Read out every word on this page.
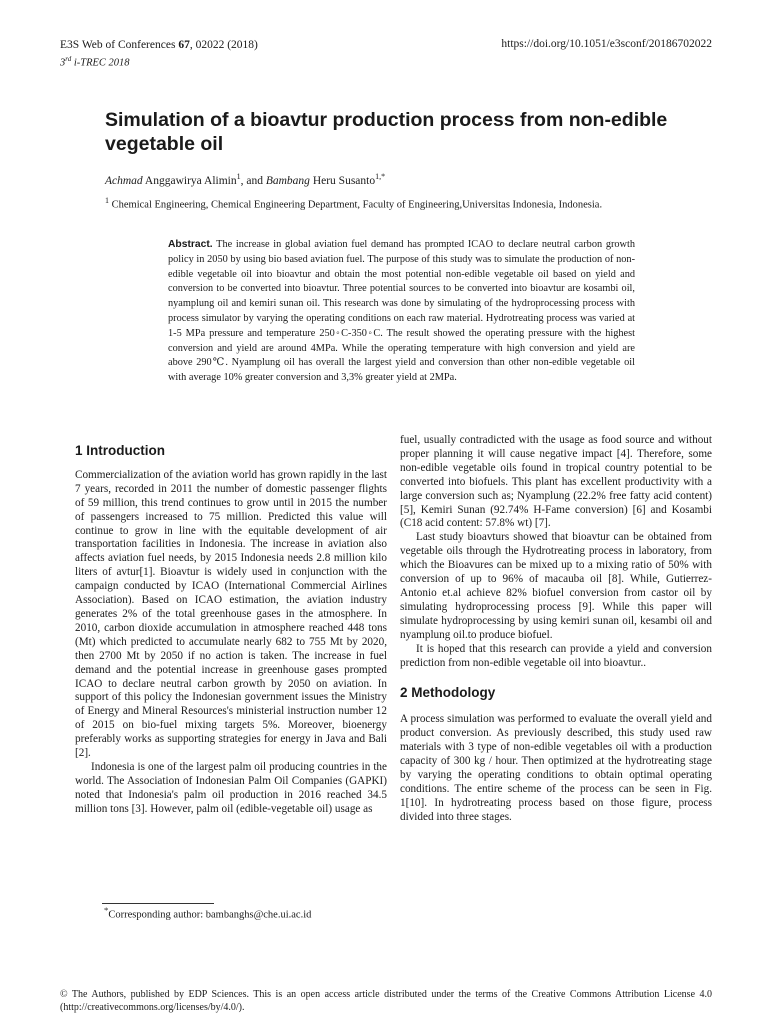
E3S Web of Conferences 67, 02022 (2018)
3rd i-TREC 2018
https://doi.org/10.1051/e3sconf/20186702022
Simulation of a bioavtur production process from non-edible vegetable oil
Achmad Anggawirya Alimin$^1$, and Bambang Heru Susanto$^{1,*}$
$^1$ Chemical Engineering, Chemical Engineering Department, Faculty of Engineering,Universitas Indonesia, Indonesia.

Abstract. The increase in global aviation fuel demand has prompted ICAO to declare neutral carbon growth policy in 2050 by using bio based aviation fuel. The purpose of this study was to simulate the production of non-edible vegetable oil into bioavtur and obtain the most potential non-edible vegetable oil based on yield and conversion to be converted into bioavtur. Three potential sources to be converted into bioavtur are kosambi oil, nyamplung oil and kemiri sunan oil. This research was done by simulating of the hydroprocessing process with process simulator by varying the operating conditions on each raw material. Hydrotreating process was varied at 1-5 MPa pressure and temperature 250◦C-350◦C. The result showed the operating pressure with the highest conversion and yield are around 4MPa. While the operating temperature with high conversion and yield are above 290℃. Nyamplung oil has overall the largest yield and conversion than other non-edible vegetable oil with average 10% greater conversion and 3,3% greater yield at 2MPa.

1 Introduction

Commercialization of the aviation world has grown rapidly in the last 7 years, recorded in 2011 the number of domestic passenger flights of 59 million, this trend continues to grow until in 2015 the number of passengers increased to 75 million. Predicted this value will continue to grow in line with the equitable development of air transportation facilities in Indonesia. The increase in aviation also affects aviation fuel needs, by 2015 Indonesia needs 2.8 million kilo liters of avtur[1]. Bioavtur is widely used in conjunction with the campaign conducted by ICAO (International Commercial Airlines Association). Based on ICAO estimation, the aviation industry generates 2% of the total greenhouse gases in the atmosphere. In 2010, carbon dioxide accumulation in atmosphere reached 448 tons (Mt) which predicted to accumulate nearly 682 to 755 Mt by 2020, then 2700 Mt by 2050 if no action is taken. The increase in fuel demand and the potential increase in greenhouse gases prompted ICAO to declare neutral carbon growth by 2050 on aviation. In support of this policy the Indonesian government issues the Ministry of Energy and Mineral Resources's ministerial instruction number 12 of 2015 on bio-fuel mixing targets 5%. Moreover, bioenergy preferably works as supporting strategies for energy in Java and Bali [2].

Indonesia is one of the largest palm oil producing countries in the world. The Association of Indonesian Palm Oil Companies (GAPKI) noted that Indonesia's palm oil production in 2016 reached 34.5 million tons [3]. However, palm oil (edible-vegetable oil) usage as

fuel, usually contradicted with the usage as food source and without proper planning it will cause negative impact [4]. Therefore, some non-edible vegetable oils found in tropical country potential to be converted into biofuels. This plant has excellent productivity with a large conversion such as; Nyamplung (22.2% free fatty acid content) [5], Kemiri Sunan (92.74% H-Fame conversion) [6] and Kosambi (C18 acid content: 57.8% wt) [7].

Last study bioavturs showed that bioavtur can be obtained from vegetable oils through the Hydrotreating process in laboratory, from which the Bioavures can be mixed up to a mixing ratio of 50% with conversion of up to 96% of macauba oil [8]. While, Gutierrez-Antonio et.al achieve 82% biofuel conversion from castor oil by simulating hydroprocessing process [9]. While this paper will simulate hydroprocessing by using kemiri sunan oil, kesambi oil and nyamplung oil.to produce biofuel.

It is hoped that this research can provide a yield and conversion prediction from non-edible vegetable oil into bioavtur..

2 Methodology

A process simulation was performed to evaluate the overall yield and product conversion. As previously described, this study used raw materials with 3 type of non-edible vegetables oil with a production capacity of 300 kg / hour. Then optimized at the hydrotreating stage by varying the operating conditions to obtain optimal operating conditions. The entire scheme of the process can be seen in Fig. 1[10]. In hydrotreating process based on those figure, process divided into three stages.

*Corresponding author: bambanghs@che.ui.ac.id
© The Authors, published by EDP Sciences. This is an open access article distributed under the terms of the Creative Commons Attribution License 4.0 (http://creativecommons.org/licenses/by/4.0/).
